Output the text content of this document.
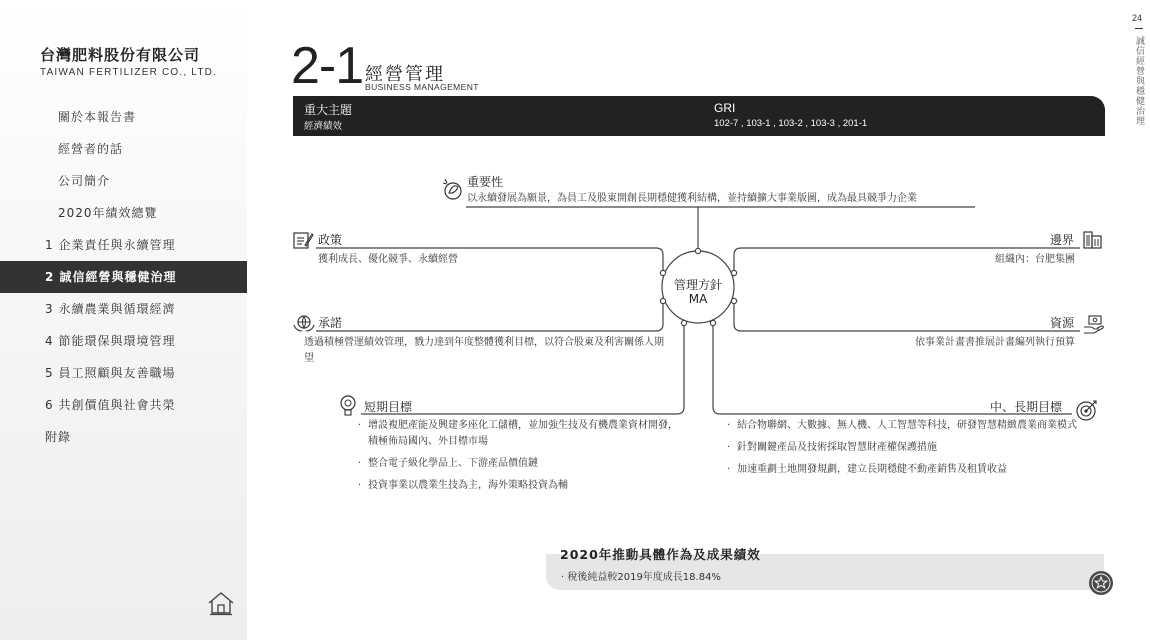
台灣肥料股份有限公司
TAIWAN FERTILIZER CO., LTD.
關於本報告書
經營者的話
公司簡介
2020年績效總覽
1 企業責任與永續管理
2 誠信經營與穩健治理
3 永續農業與循環經濟
4 節能環保與環境管理
5 員工照顧與友善職場
6 共創價值與社會共榮
附錄
24
誠信經營與穩健治理
2-1 經營管理
BUSINESS MANAGEMENT
重大主題
經濟績效
GRI
102-7 , 103-1 , 103-2 , 103-3 , 201-1
管理方針
MA
重要性
以永續發展為願景，為員工及股東開創長期穩健獲利結構，並持續擴大事業版圖，成為最具競爭力企業
政策
獲利成長、優化競爭、永續經營
邊界
組織內：台肥集團
承諾
透過積極營運績效管理，戮力達到年度整體獲利目標，以符合股東及利害關係人期望
資源
依事業計畫書推展計畫編列執行預算
短期目標
· 增設複肥產能及興建多座化工儲槽，並加強生技及有機農業資材開發，積極佈局國內、外目標市場
· 整合電子級化學品上、下游產品價值鏈
· 投資事業以農業生技為主，海外策略投資為輔
中、長期目標
· 結合物聯網、大數據、無人機、人工智慧等科技，研發智慧精緻農業商業模式
· 針對關鍵產品及技術採取智慧財產權保護措施
· 加速重劃土地開發規劃，建立長期穩健不動產銷售及租賃收益
2020年推動具體作為及成果績效
· 稅後純益較2019年度成長18.84%
